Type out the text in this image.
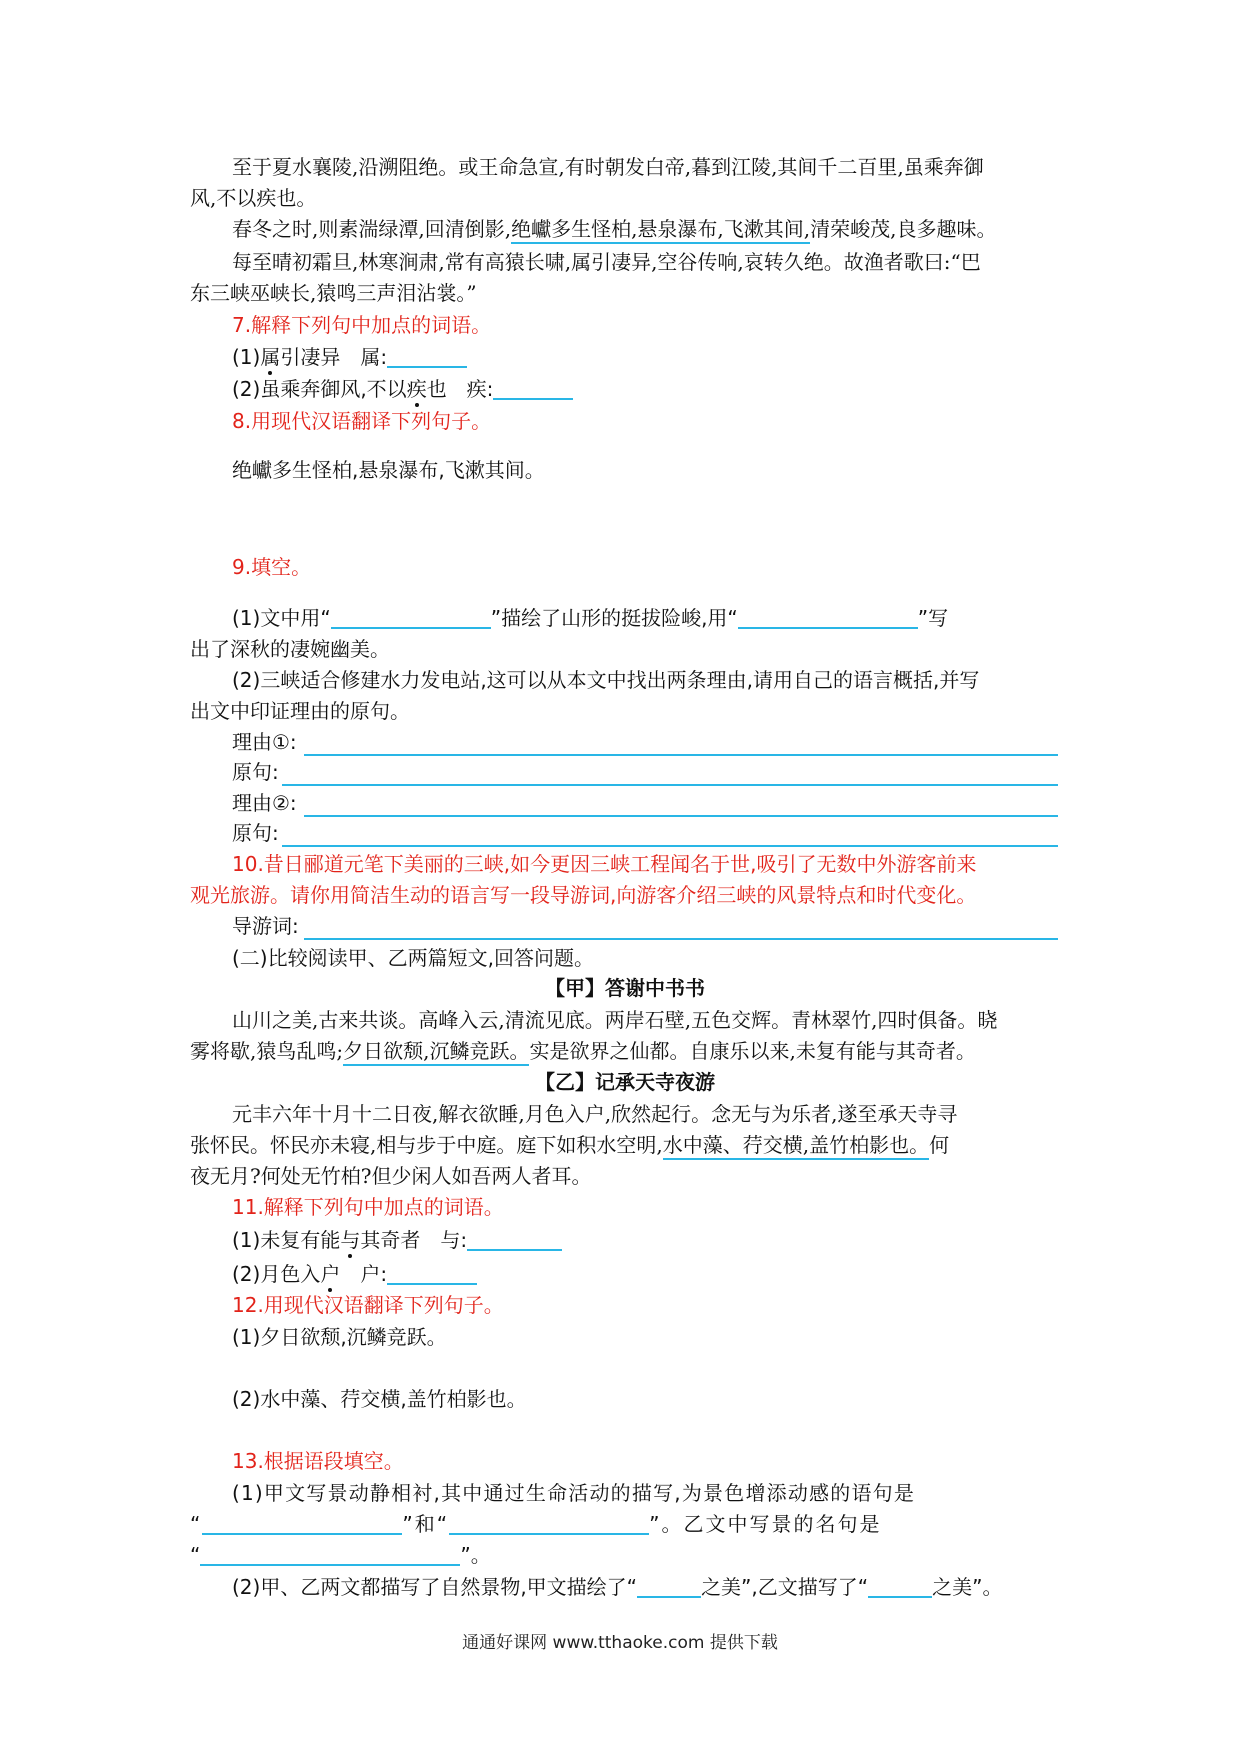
至于夏水襄陵,沿溯阻绝。或王命急宣,有时朝发白帝,暮到江陵,其间千二百里,虽乘奔御
风,不以疾也。
春冬之时,则素湍绿潭,回清倒影,绝巘多生怪柏,悬泉瀑布,飞漱其间,清荣峻茂,良多趣味。
每至晴初霜旦,林寒涧肃,常有高猿长啸,属引凄异,空谷传响,哀转久绝。故渔者歌曰:“巴
东三峡巫峡长,猿鸣三声泪沾裳。”
7.解释下列句中加点的词语。
(1)属引凄异　属:
(2)虽乘奔御风,不以疾也　疾:
8.用现代汉语翻译下列句子。
绝巘多生怪柏,悬泉瀑布,飞漱其间。
9.填空。
(1)文中用“	”描绘了山形的挺拔险峻,用“	”写
出了深秋的凄婉幽美。
(2)三峡适合修建水力发电站,这可以从本文中找出两条理由,请用自己的语言概括,并写
出文中印证理由的原句。
理由①:
原句:
理由②:
原句:
10.昔日郦道元笔下美丽的三峡,如今更因三峡工程闻名于世,吸引了无数中外游客前来
观光旅游。请你用简洁生动的语言写一段导游词,向游客介绍三峡的风景特点和时代变化。
导游词:
(二)比较阅读甲、乙两篇短文,回答问题。
【甲】答谢中书书
山川之美,古来共谈。高峰入云,清流见底。两岸石壁,五色交辉。青林翠竹,四时俱备。晓
雾将歇,猿鸟乱鸣;夕日欲颓,沉鳞竞跃。实是欲界之仙都。自康乐以来,未复有能与其奇者。
【乙】记承天寺夜游
元丰六年十月十二日夜,解衣欲睡,月色入户,欣然起行。念无与为乐者,遂至承天寺寻
张怀民。怀民亦未寝,相与步于中庭。庭下如积水空明,水中藻、荇交横,盖竹柏影也。何
夜无月?何处无竹柏?但少闲人如吾两人者耳。
11.解释下列句中加点的词语。
(1)未复有能与其奇者　与:
(2)月色入户　户:
12.用现代汉语翻译下列句子。
(1)夕日欲颓,沉鳞竞跃。
(2)水中藻、荇交横,盖竹柏影也。
13.根据语段填空。
(1)甲文写景动静相衬,其中通过生命活动的描写,为景色增添动感的语句是
“	”和“	”。乙文中写景的名句是
“	”。
(2)甲、乙两文都描写了自然景物,甲文描绘了“	之美”,乙文描写了“	之美”。
通通好课网 www.tthaoke.com 提供下载
